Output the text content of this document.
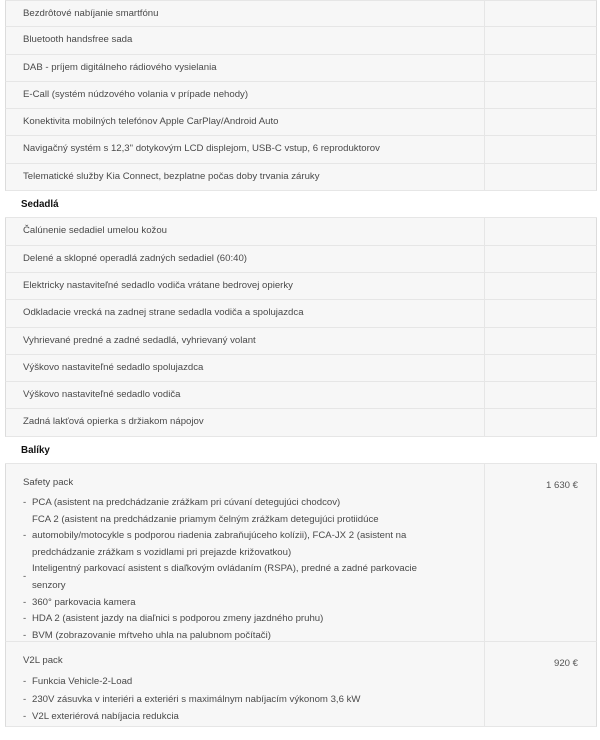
Bezdrôtové nabíjanie smartfónu
Bluetooth handsfree sada
DAB - príjem digitálneho rádiového vysielania
E-Call (systém núdzového volania v prípade nehody)
Konektivita mobilných telefónov Apple CarPlay/Android Auto
Navigačný systém s 12,3" dotykovým LCD displejom, USB-C vstup, 6 reproduktorov
Telematické služby Kia Connect, bezplatne počas doby trvania záruky
Sedadlá
Čalúnenie sedadiel umelou kožou
Delené a sklopné operadlá zadných sedadiel (60:40)
Elektricky nastaviteľné sedadlo vodiča vrátane bedrovej opierky
Odkladacie vrecká na zadnej strane sedadla vodiča a spolujazdca
Vyhrievané predné a zadné sedadlá, vyhrievaný volant
Výškovo nastaviteľné sedadlo spolujazdca
Výškovo nastaviteľné sedadlo vodiča
Zadná lakťová opierka s držiakom nápojov
Balíky
Safety pack
- PCA (asistent na predchádzanie zrážkam pri cúvaní detegujúci chodcov)
FCA 2 (asistent na predchádzanie priamym čelným zrážkam detegujúci protiidúce
- automobily/motocykle s podporou riadenia zabraňujúceho kolízii), FCA-JX 2 (asistent na
predchádzanie zrážkam s vozidlami pri prejazde križovatkou)
-
Inteligentný parkovací asistent s diaľkovým ovládaním (RSPA), predné a zadné parkovacie
senzory
- 360° parkovacia kamera
- HDA 2 (asistent jazdy na diaľnici s podporou zmeny jazdného pruhu)
- BVM (zobrazovanie mŕtveho uhla na palubnom počítači)
1 630 €
V2L pack
- Funkcia Vehicle-2-Load
- 230V zásuvka v interiéri a exteriéri s maximálnym nabíjacím výkonom 3,6 kW
- V2L exteriérová nabíjacia redukcia
920 €
